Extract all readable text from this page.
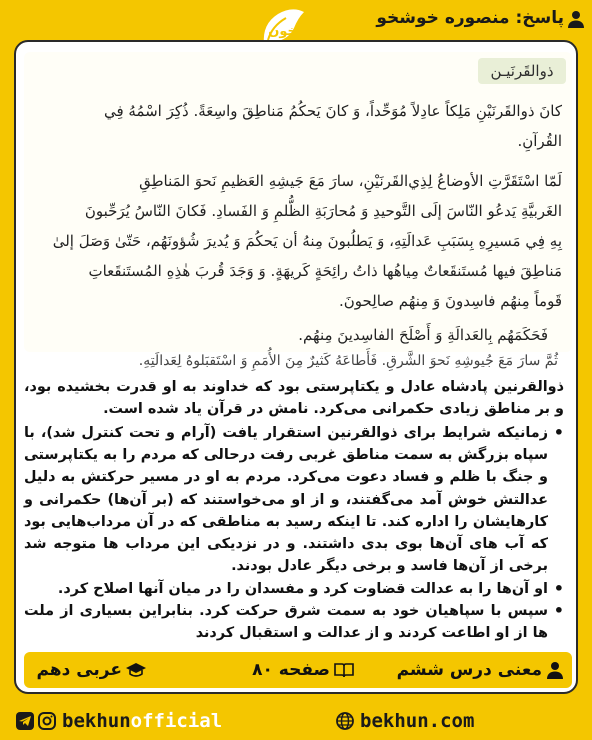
پاسخ: منصوره خوشخو
بخون
ذوالقَرنَيـن
كانَ ذوالقَرنَيْنِ مَلِكاً عادِلاً مُوَحِّداً، وَ كانَ يَحكُمُ مَناطِقَ واسِعَةً. ذُكِرَ اسْمُهُ فِي
القُرآنِ.
لَمّا اسْتَقَرَّتِ الأوضاعُ لِذِي‌القَرنَيْنِ، سارَ مَعَ جَيشِهِ العَظيمِ نَحوَ المَناطِقِ
الغَربيَّةِ يَدعُو النّاسَ إلَى التَّوحيدِ وَ مُحارَبَةِ الظُّلمِ وَ الفَسادِ. فَكانَ النّاسُ يُرَحِّبونَ
بِهِ فِي مَسيرِهِ بِسَبَبِ عَدالَتِهِ، وَ يَطلُبونَ مِنهُ أن يَحكُمَ وَ يُديرَ شُؤونَهُم، حَتّىٰ وَصَلَ إلىٰ
مَناطِقَ فيها مُستَنقَعاتٌ مِياهُها ذاتُ رائِحَةٍ كَريهَةٍ. وَ وَجَدَ قُربَ هٰذِهِ المُستَنقَعاتِ
قَوماً مِنهُم فاسِدونَ وَ مِنهُم صالِحونَ.
فَحَكَمَهُم بِالعَدالَةِ وَ أَصْلَحَ الفاسِدينَ مِنهُم.
ثُمَّ سارَ مَعَ جُيوشِهِ نَحوَ الشَّرقِ. فَأَطاعَهُ كَثيرٌ مِنَ الأُمَمِ وَ اسْتَقبَلوهُ لِعَدالَتِهِ.
ذوالقرنین پادشاه عادل و یکتاپرستی بود که خداوند به او قدرت بخشیده بود، و بر مناطق زیادی حکمرانی می‌کرد. نامش در قرآن یاد شده است.
• زمانیکه شرایط برای ذوالقرنین استقرار یافت (آرام و تحت کنترل شد)، با سپاه بزرگش به سمت مناطق غربی رفت درحالی که مردم را به یکتاپرستی و جنگ با ظلم و فساد دعوت می‌کرد. مردم به او در مسیر حرکتش به دلیل عدالتش خوش آمد می‌گفتند، و از او می‌خواستند که (بر آن‌ها) حکمرانی و کارهایشان را اداره کند. تا اینکه رسید به مناطقی که در آن مرداب‌هایی بود که آب های آن‌ها بوی بدی داشتند. و در نزدیکی این مرداب ها متوجه شد برخی از آن‌ها فاسد و برخی دیگر عادل بودند.
• او آن‌ها را به عدالت قضاوت کرد و مفسدان را در میان آنها اصلاح کرد.
• سپس با سپاهیان خود به سمت شرق حرکت کرد. بنابراین بسیاری از ملت ها از او اطاعت کردند و از عدالت و استقبال کردند
معنی درس ششم
صفحه ۸۰
عربی دهم
bekhunofficial	bekhun.com
